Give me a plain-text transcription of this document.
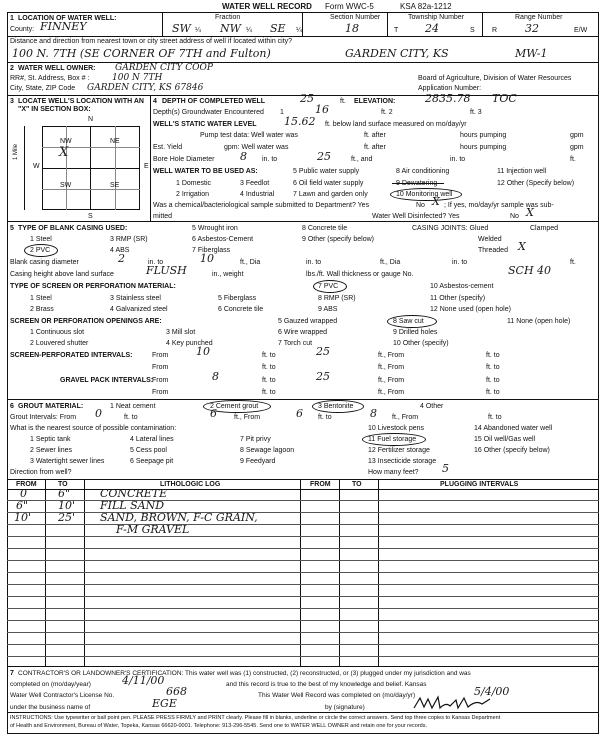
WATER WELL RECORD Form WWC-5	KSA 82a-1212
1 LOCATION OF WATER WELL:
County: FINNEY
Fraction
SW ¼ NW ¼ SE ¼
Section Number
18
Township Number
T 24	S
Range Number
R	32	E/W
Distance and direction from nearest town or city street address of well if located within city?
100 N. 7TH (SE CORNER OF 7TH and Fulton)	GARDEN CITY, KS	MW-1
2 WATER WELL OWNER: GARDEN CITY COOP
RR#, St. Address, Box # :	100 N 7TH	Board of Agriculture, Division of Water Resources
City, State, ZIP Code GARDEN CITY, KS 67846	Application Number:
3 LOCATE WELL'S LOCATION WITH AN "X" IN SECTION BOX:
N
S
W	E
NW	NE
SW	SE
X
1 Mile
4 DEPTH OF COMPLETED WELL	25	ft. ELEVATION:	2835.78 TOC
Depth(s) Groundwater Encountered 1	16	ft. 2	ft. 3
WELL'S STATIC WATER LEVEL 15.62 ft. below land surface measured on mo/day/yr
Pump test data: Well water was	ft. after	hours pumping	gpm
Est. Yield	gpm: Well water was	ft. after	hours pumping	gpm
Bore Hole Diameter 8 in. to	25	ft., and	in. to	ft.
WELL WATER TO BE USED AS:	5 Public water supply	8 Air conditioning	11 Injection well
1 Domestic	3 Feedlot	6 Oil field water supply	12 Other (Specify below)
2 Irrigation	4 Industrial	7 Lawn and garden only	10 Monitoring well
Was a chemical/bacteriological sample submitted to Department? Yes	No X ; If yes, mo/day/yr sample was sub-
mitted	Water Well Disinfected? Yes	No X
5 TYPE OF BLANK CASING USED:	5 Wrought iron	8 Concrete tile	CASING JOINTS: Glued	Clamped
1 Steel	3 RMP (SR)	6 Asbestos-Cement	9 Other (specify below)	Welded
2 PVC	4 ABS	7 Fiberglass	Threaded X
Blank casing diameter	2	in. to	10	ft., Dia	in. to	ft., Dia	in. to	ft.
Casing height above land surface	FLUSH	in., weight	lbs./ft. Wall thickness or gauge No.	SCH 40
TYPE OF SCREEN OR PERFORATION MATERIAL:	7 PVC	10 Asbestos-cement
1 Steel	3 Stainless steel	5 Fiberglass	8 RMP (SR)	11 Other (specify)
2 Brass	4 Galvanized steel	6 Concrete tile	9 ABS	12 None used (open hole)
SCREEN OR PERFORATION OPENINGS ARE:	5 Gauzed wrapped	8 Saw cut	11 None (open hole)
1 Continuous slot	3 Mill slot	6 Wire wrapped	9 Drilled holes
2 Louvered shutter	4 Key punched	7 Torch cut	10 Other (specify)
SCREEN-PERFORATED INTERVALS:	From	10	ft. to	25	ft., From	ft. to
From	ft. to	ft., From	ft. to
GRAVEL PACK INTERVALS:
From	8	ft. to	25	ft., From	ft. to
From	ft. to	ft., From	ft. to
6 GROUT MATERIAL:	1 Neat cement	2 Cement grout	3 Bentonite	4 Other
Grout Intervals: From 0	ft. to	6 ft., From	6 ft. to	8 ft., From	ft. to
What is the nearest source of possible contamination:	10 Livestock pens	14 Abandoned water well
1 Septic tank	4 Lateral lines	7 Pit privy	11 Fuel storage	15 Oil well/Gas well
2 Sewer lines	5 Cess pool	8 Sewage lagoon	12 Fertilizer storage	16 Other (specify below)
3 Watertight sewer lines	6 Seepage pit	9 Feedyard	13 Insecticide storage
Direction from well?	How many feet? 5
FROM	TO	LITHOLOGIC LOG	FROM	TO	PLUGGING INTERVALS
0	6"	CONCRETE
6"	10' FILL SAND
10' 25' SAND, BROWN, F-C GRAIN,
F-M GRAVEL
7 CONTRACTOR'S OR LANDOWNER'S CERTIFICATION: This water well was (1) constructed, (2) reconstructed, or (3) plugged under my jurisdiction and was
completed on (mo/day/year)	4/11/00	and this record is true to the best of my knowledge and belief. Kansas
Water Well Contractor's License No.	668	This Water Well Record was completed on (mo/day/yr)	5/4/00
under the business name of	EGE	by (signature)
INSTRUCTIONS: Use typewriter or ball point pen. PLEASE PRESS FIRMLY and PRINT clearly. Please fill in blanks, underline or circle the correct answers. Send top three copies to Kansas Department
of Health and Environment, Bureau of Water, Topeka, Kansas 66620-0001. Telephone: 913-296-5545. Send one to WATER WELL OWNER and retain one for your records.
